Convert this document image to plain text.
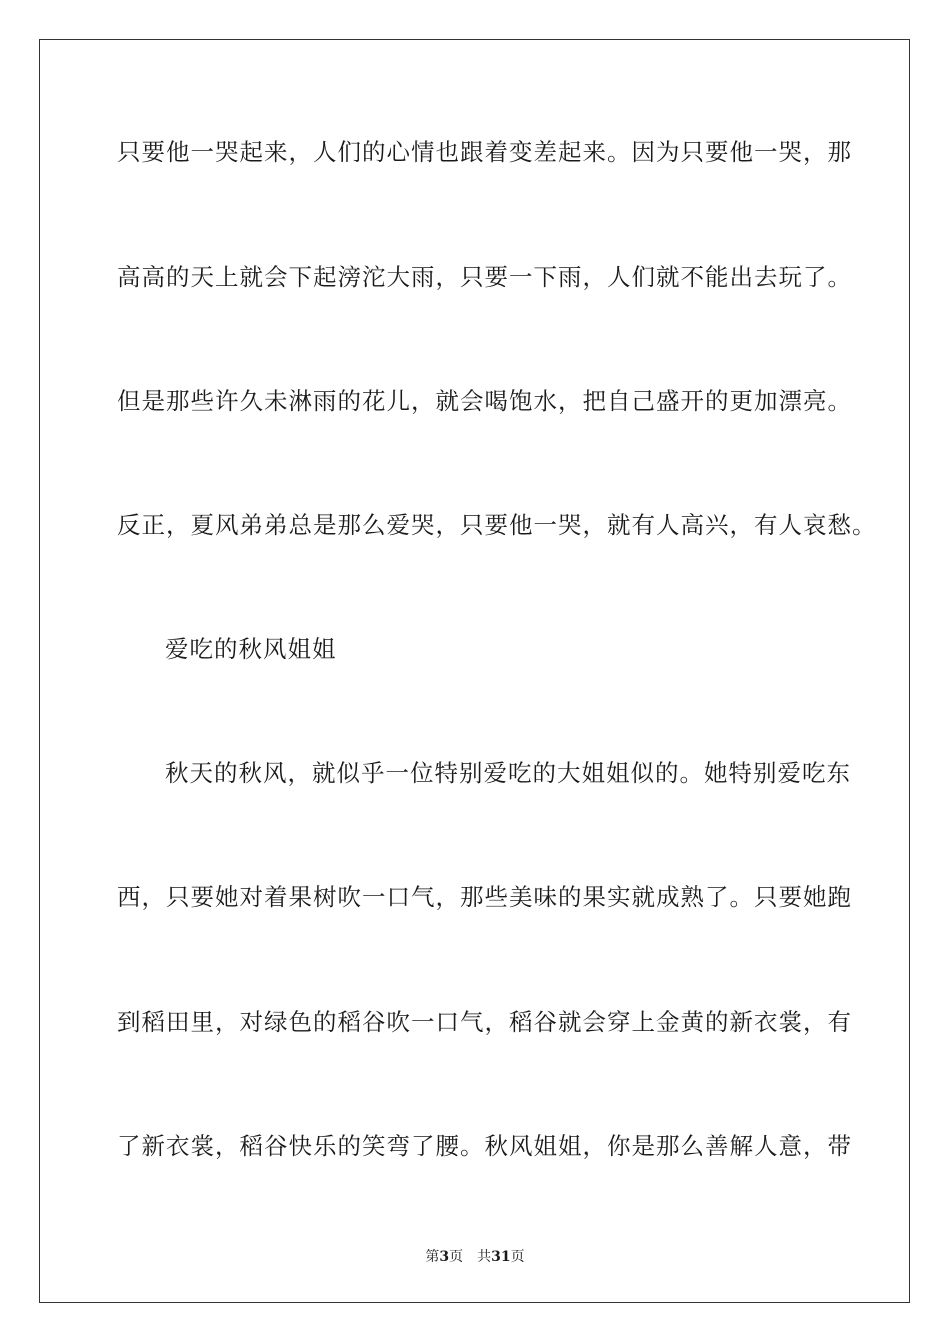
只要他一哭起来，人们的心情也跟着变差起来。因为只要他一哭，那
高高的天上就会下起滂沱大雨，只要一下雨，人们就不能出去玩了。
但是那些许久未淋雨的花儿，就会喝饱水，把自己盛开的更加漂亮。
反正，夏风弟弟总是那么爱哭，只要他一哭，就有人高兴，有人哀愁。
爱吃的秋风姐姐
秋天的秋风，就似乎一位特别爱吃的大姐姐似的。她特别爱吃东
西，只要她对着果树吹一口气，那些美味的果实就成熟了。只要她跑
到稻田里，对绿色的稻谷吹一口气，稻谷就会穿上金黄的新衣裳，有
了新衣裳，稻谷快乐的笑弯了腰。秋风姐姐，你是那么善解人意，带
第3页 共31页
